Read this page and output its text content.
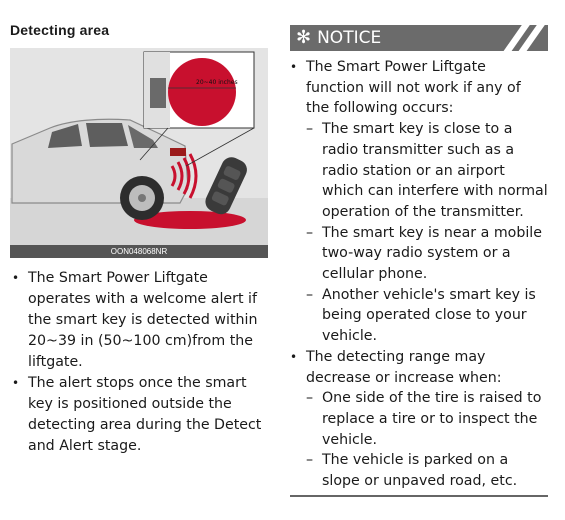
Detecting area
20~40 inches
OON048068NR
• The Smart Power Liftgate operates with a welcome alert if the smart key is detected within 20~39 in (50~100 cm)from the liftgate.
• The alert stops once the smart key is positioned outside the detecting area during the Detect and Alert stage.
✻ NOTICE
• The Smart Power Liftgate function will not work if any of the following occurs:
– The smart key is close to a radio transmitter such as a radio station or an airport which can interfere with normal operation of the transmitter.
– The smart key is near a mobile two-way radio system or a cellular phone.
– Another vehicle's smart key is being operated close to your vehicle.
• The detecting range may decrease or increase when:
– One side of the tire is raised to replace a tire or to inspect the vehicle.
– The vehicle is parked on a slope or unpaved road, etc.
